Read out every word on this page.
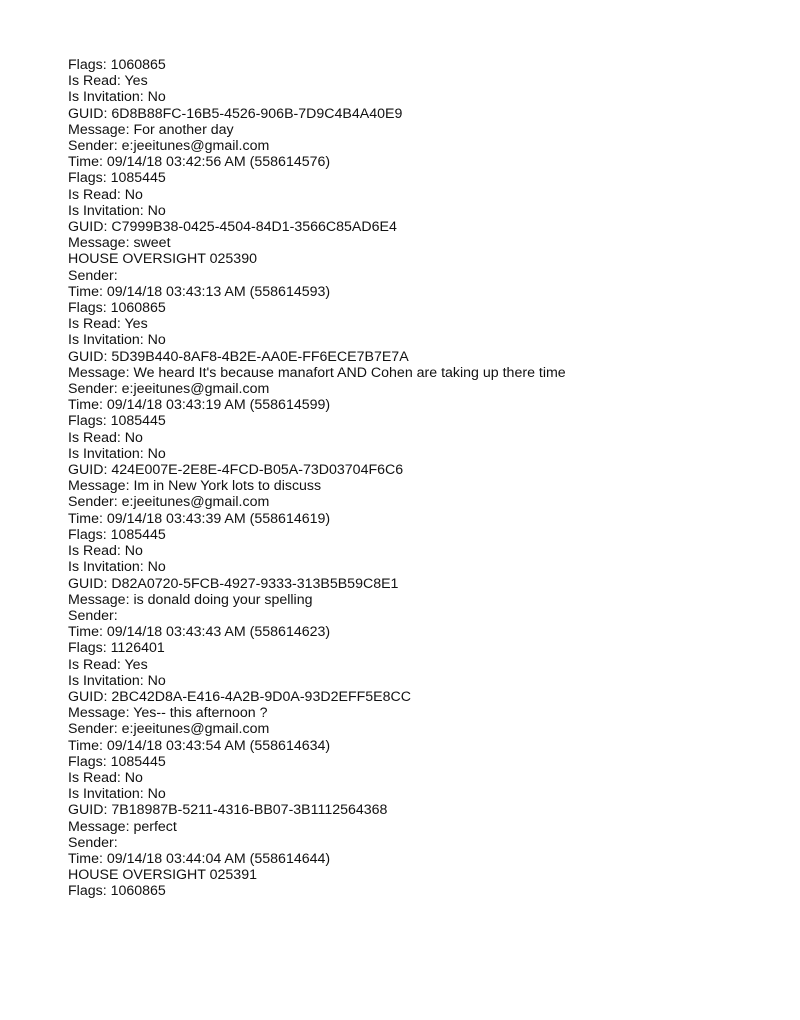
Flags: 1060865
Is Read: Yes
Is Invitation: No
GUID: 6D8B88FC-16B5-4526-906B-7D9C4B4A40E9
Message: For another day
Sender: e:jeeitunes@gmail.com
Time: 09/14/18 03:42:56 AM (558614576)
Flags: 1085445
Is Read: No
Is Invitation: No
GUID: C7999B38-0425-4504-84D1-3566C85AD6E4
Message: sweet
HOUSE OVERSIGHT 025390
Sender:
Time: 09/14/18 03:43:13 AM (558614593)
Flags: 1060865
Is Read: Yes
Is Invitation: No
GUID: 5D39B440-8AF8-4B2E-AA0E-FF6ECE7B7E7A
Message: We heard It's because manafort AND Cohen are taking up there time
Sender: e:jeeitunes@gmail.com
Time: 09/14/18 03:43:19 AM (558614599)
Flags: 1085445
Is Read: No
Is Invitation: No
GUID: 424E007E-2E8E-4FCD-B05A-73D03704F6C6
Message: Im in New York lots to discuss
Sender: e:jeeitunes@gmail.com
Time: 09/14/18 03:43:39 AM (558614619)
Flags: 1085445
Is Read: No
Is Invitation: No
GUID: D82A0720-5FCB-4927-9333-313B5B59C8E1
Message: is donald doing your spelling
Sender:
Time: 09/14/18 03:43:43 AM (558614623)
Flags: 1126401
Is Read: Yes
Is Invitation: No
GUID: 2BC42D8A-E416-4A2B-9D0A-93D2EFF5E8CC
Message: Yes-- this afternoon ?
Sender: e:jeeitunes@gmail.com
Time: 09/14/18 03:43:54 AM (558614634)
Flags: 1085445
Is Read: No
Is Invitation: No
GUID: 7B18987B-5211-4316-BB07-3B1112564368
Message: perfect
Sender:
Time: 09/14/18 03:44:04 AM (558614644)
HOUSE OVERSIGHT 025391
Flags: 1060865
